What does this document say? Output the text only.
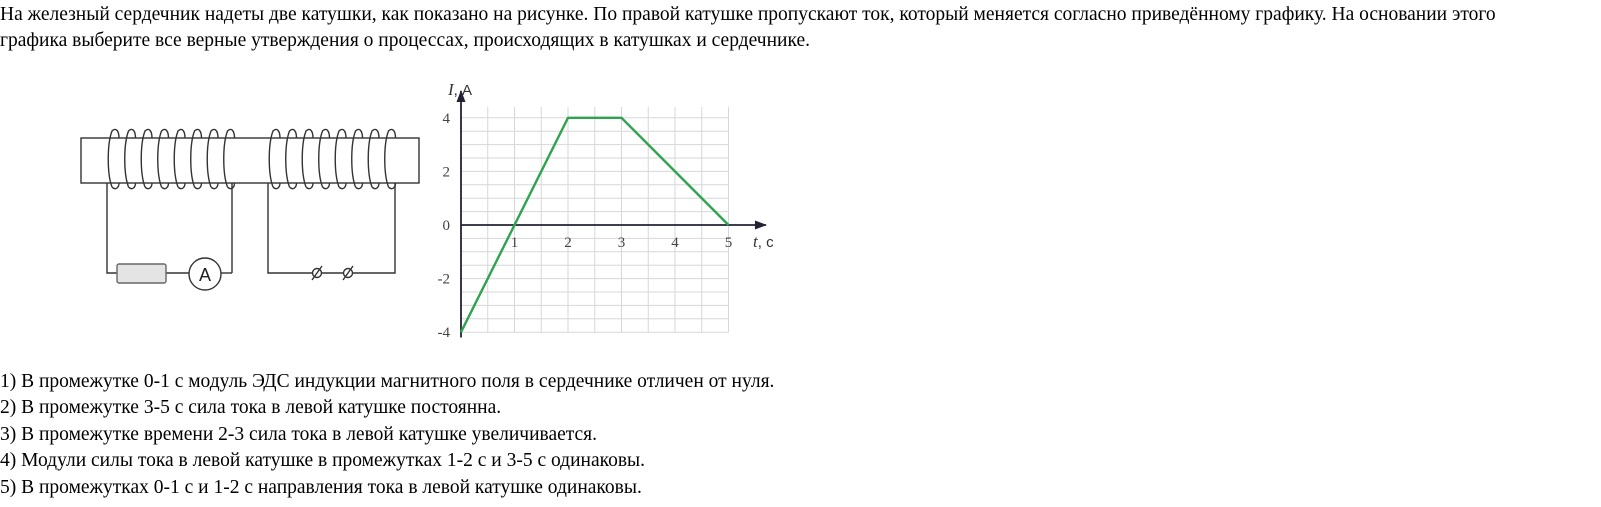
На железный сердечник надеты две катушки, как показано на рисунке. По правой катушке пропускают ток, который меняется согласно приведённому графику. На основании этого графика выберите все верные утверждения о процессах, происходящих в катушках и сердечнике.

A
1	2	3	4	5
4
2
0
-2
-4
I, А
t, с
1) В промежутке 0-1 с модуль ЭДС индукции магнитного поля в сердечнике отличен от нуля.
2) В промежутке 3-5 с сила тока в левой катушке постоянна.
3) В промежутке времени 2-3 сила тока в левой катушке увеличивается.
4) Модули силы тока в левой катушке в промежутках 1-2 с и 3-5 с одинаковы.
5) В промежутках 0-1 с и 1-2 с направления тока в левой катушке одинаковы.
